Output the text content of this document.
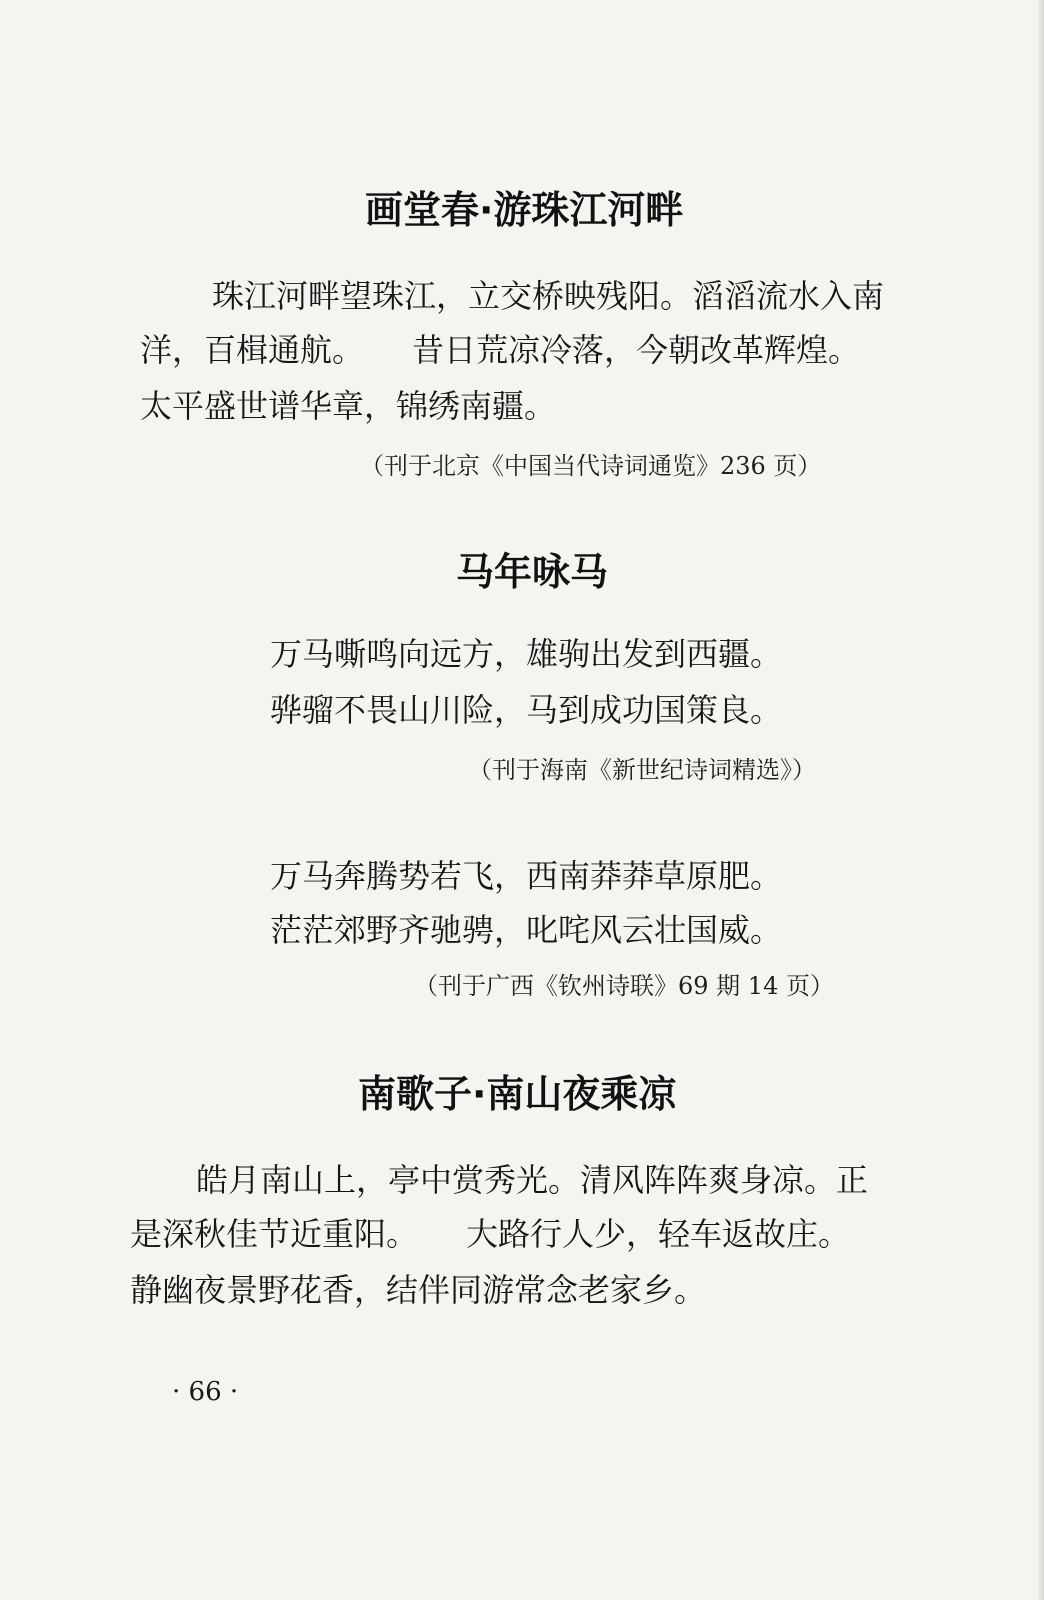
画堂春·游珠江河畔

珠江河畔望珠江，立交桥映残阳。滔滔流水入南

洋，百楫通航。　　昔日荒凉冷落，今朝改革辉煌。

太平盛世谱华章，锦绣南疆。

（刊于北京《中国当代诗词通览》236 页）

马年咏马

万马嘶鸣向远方，雄驹出发到西疆。

骅骝不畏山川险，马到成功国策良。

（刊于海南《新世纪诗词精选》）

万马奔腾势若飞，西南莽莽草原肥。

茫茫郊野齐驰骋，叱咤风云壮国威。

（刊于广西《钦州诗联》69 期 14 页）

南歌子·南山夜乘凉

皓月南山上，亭中赏秀光。清风阵阵爽身凉。正

是深秋佳节近重阳。　　大路行人少，轻车返故庄。

静幽夜景野花香，结伴同游常念老家乡。

· 66 ·
